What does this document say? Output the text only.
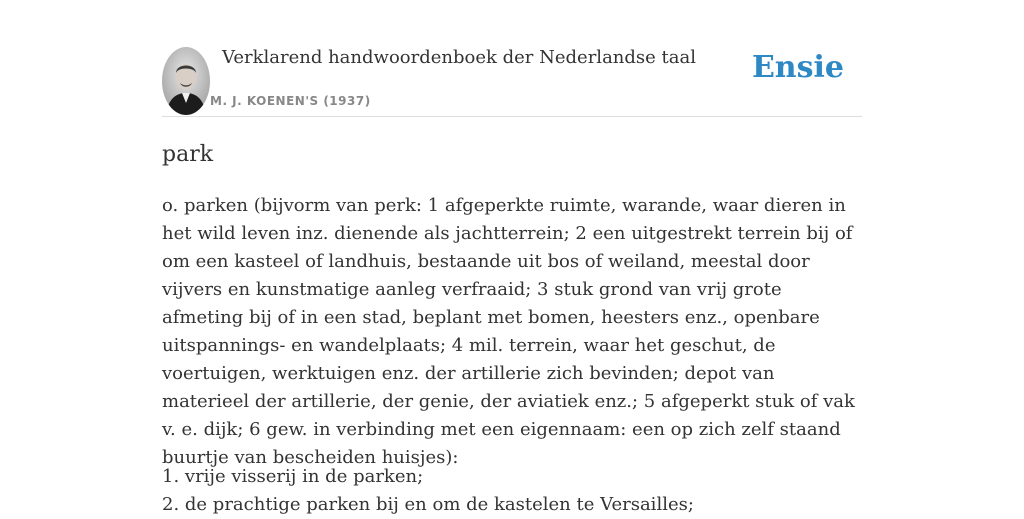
Verklarend handwoordenboek der Nederlandse taal
M. J. KOENEN'S (1937)
Ensie
park

o. parken (bijvorm van perk: 1 afgeperkte ruimte, warande, waar dieren in het wild leven inz. dienende als jachtterrein; 2 een uitgestrekt terrein bij of om een kasteel of landhuis, bestaande uit bos of weiland, meestal door vijvers en kunstmatige aanleg verfraaid; 3 stuk grond van vrij grote afmeting bij of in een stad, beplant met bomen, heesters enz., openbare uitspannings- en wandelplaats; 4 mil. terrein, waar het geschut, de voertuigen, werktuigen enz. der artillerie zich bevinden; depot van materieel der artillerie, der genie, der aviatiek enz.; 5 afgeperkt stuk of vak v. e. dijk; 6 gew. in verbinding met een eigennaam: een op zich zelf staand buurtje van bescheiden huisjes):

1. vrije visserij in de parken;
2. de prachtige parken bij en om de kastelen te Versailles;
